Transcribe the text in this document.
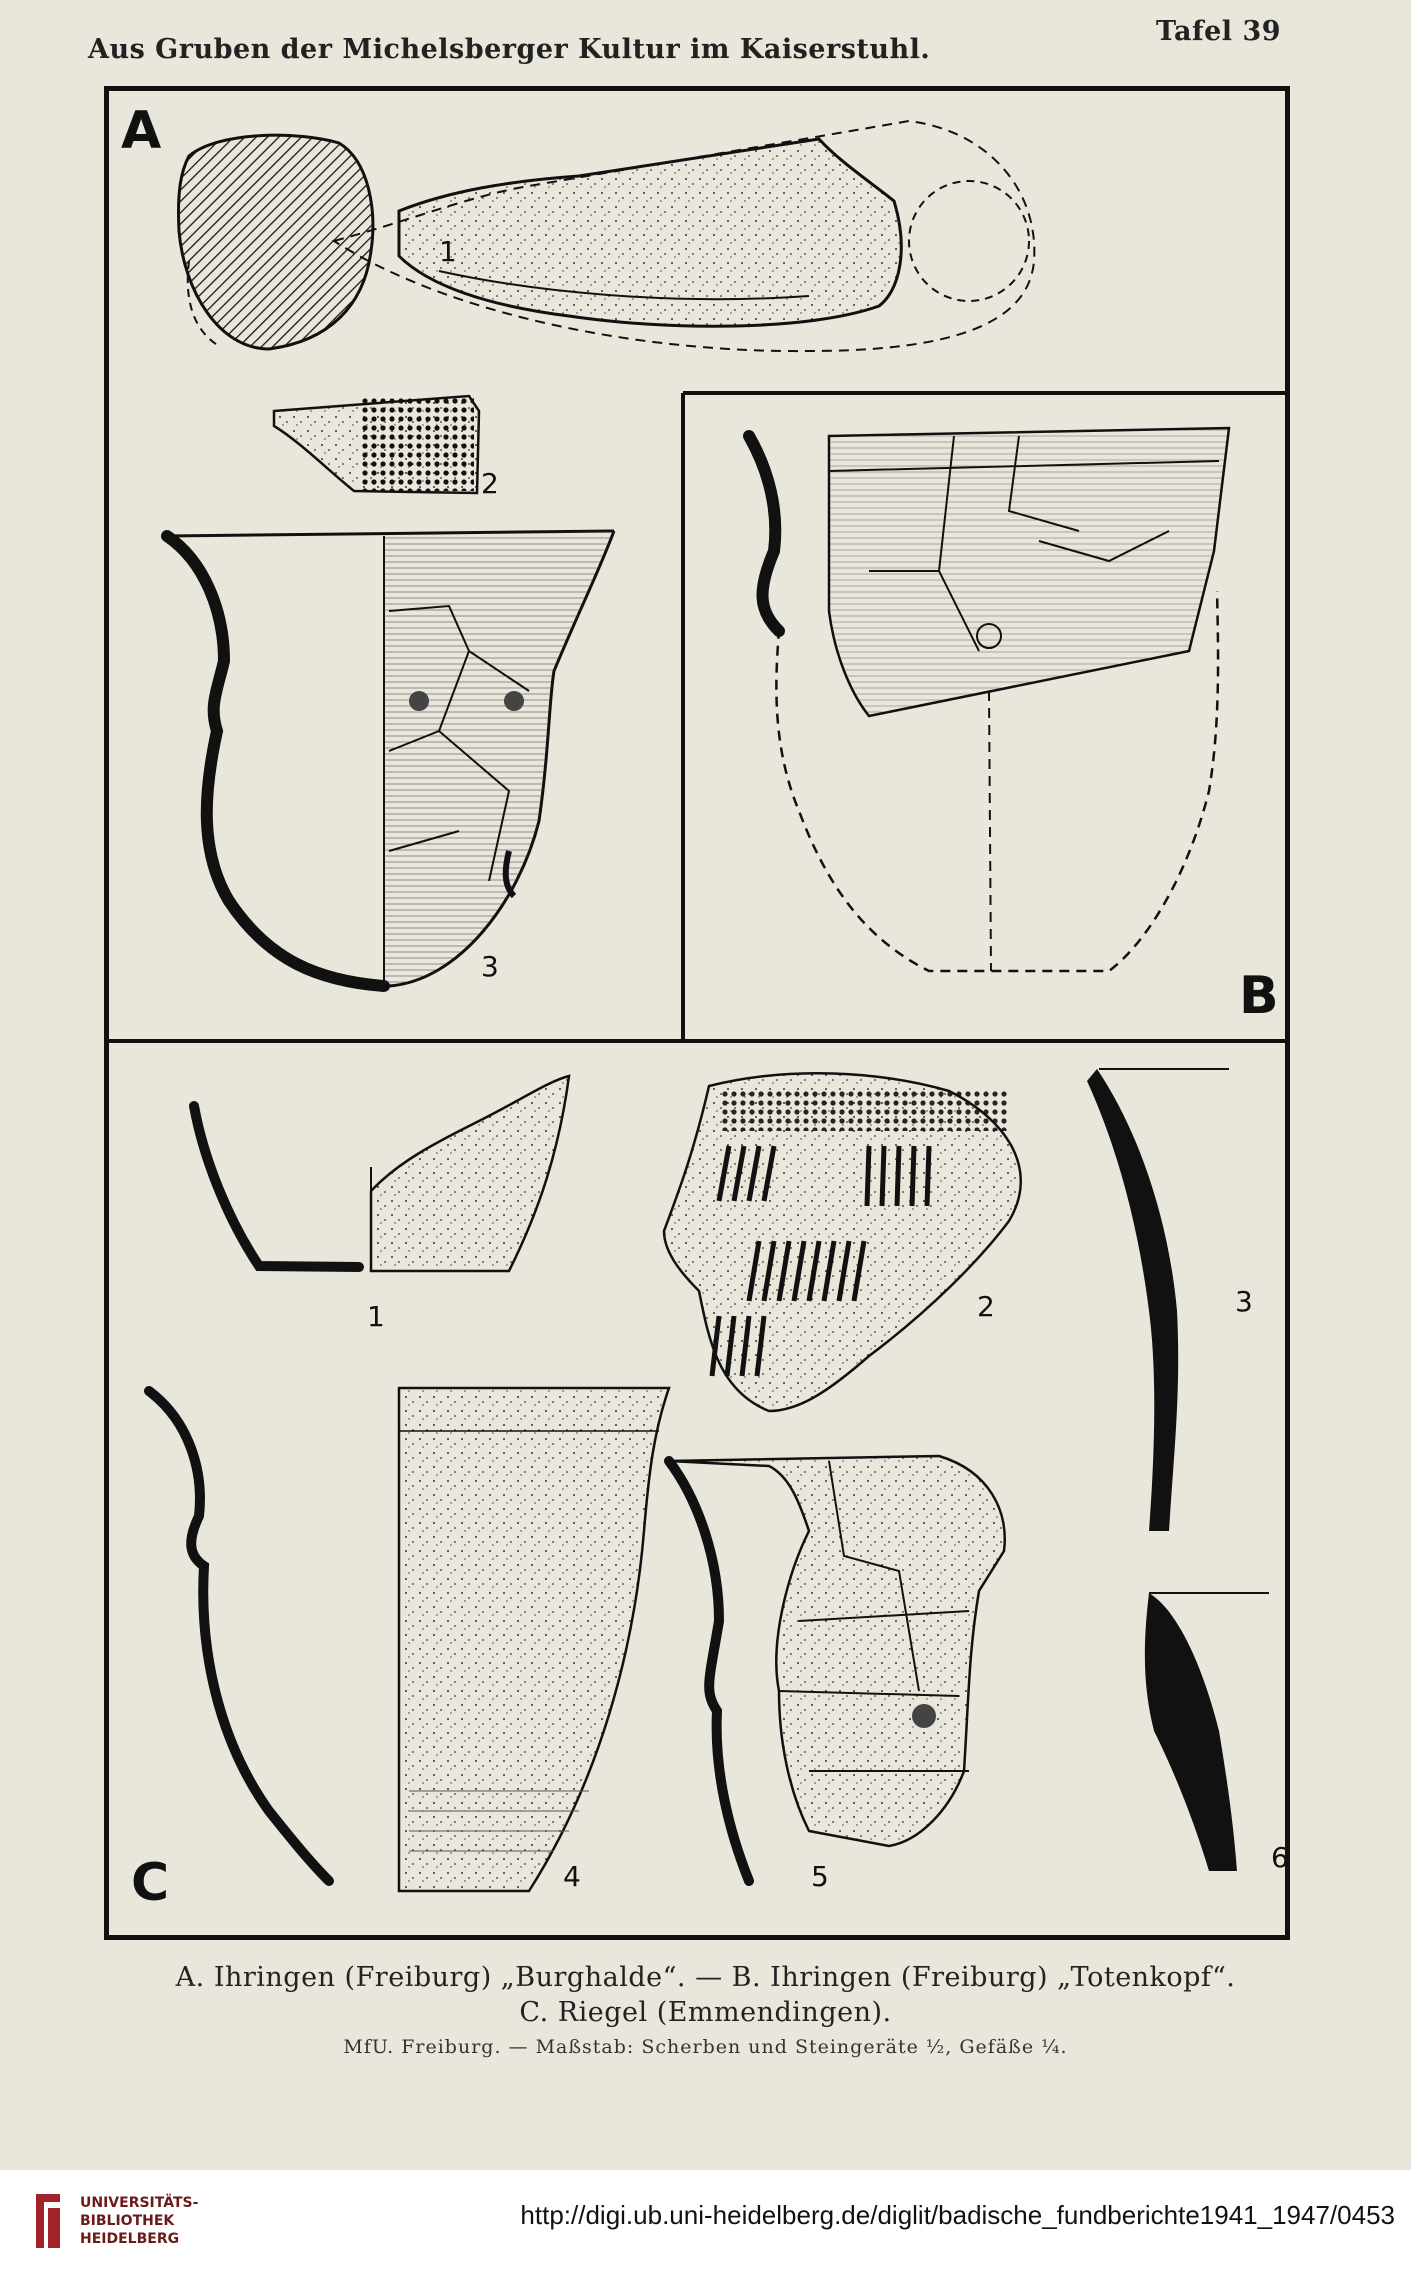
Aus Gruben der Michelsberger Kultur im Kaiserstuhl.
Tafel 39
1
2
3
1	2	3
4	5
6
A
B
C
A. Ihringen (Freiburg) „Burghalde“. — B. Ihringen (Freiburg) „Totenkopf“.
C. Riegel (Emmendingen).
MfU. Freiburg. — Maßstab: Scherben und Steingeräte ½, Gefäße ¼.
UNIVERSITÄTS-
BIBLIOTHEK
HEIDELBERG
http://digi.ub.uni-heidelberg.de/diglit/badische_fundberichte1941_1947/0453
